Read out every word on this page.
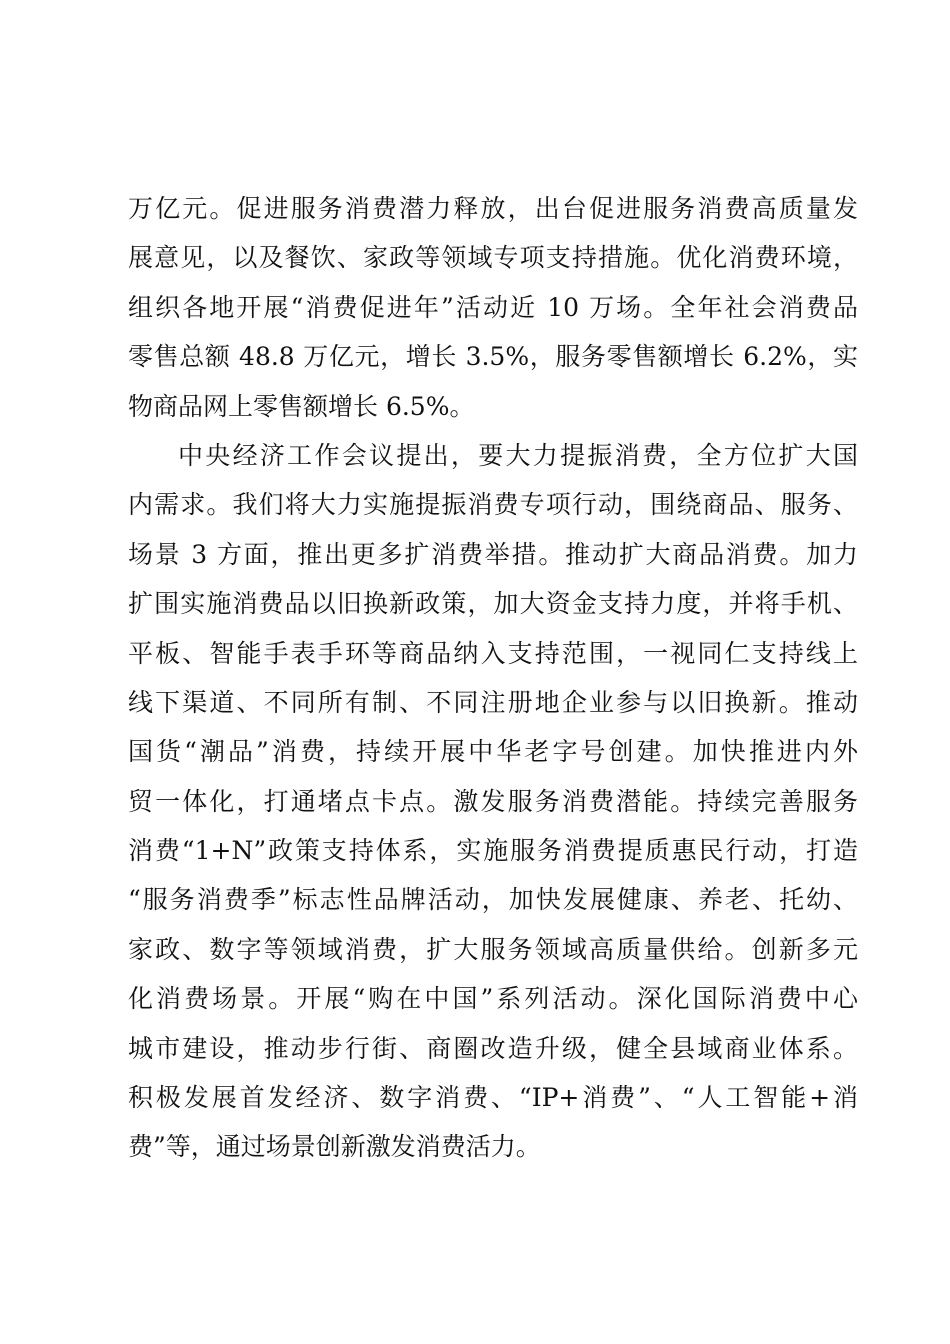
万亿元。促进服务消费潜力释放，出台促进服务消费高质量发
展意见，以及餐饮、家政等领域专项支持措施。优化消费环境，
组织各地开展“消费促进年”活动近 10 万场。全年社会消费品
零售总额 48.8 万亿元，增长 3.5%，服务零售额增长 6.2%，实
物商品网上零售额增长 6.5%。
中央经济工作会议提出，要大力提振消费，全方位扩大国
内需求。我们将大力实施提振消费专项行动，围绕商品、服务、
场景 3 方面，推出更多扩消费举措。推动扩大商品消费。加力
扩围实施消费品以旧换新政策，加大资金支持力度，并将手机、
平板、智能手表手环等商品纳入支持范围，一视同仁支持线上
线下渠道、不同所有制、不同注册地企业参与以旧换新。推动
国货“潮品”消费，持续开展中华老字号创建。加快推进内外
贸一体化，打通堵点卡点。激发服务消费潜能。持续完善服务
消费“1+N”政策支持体系，实施服务消费提质惠民行动，打造
“服务消费季”标志性品牌活动，加快发展健康、养老、托幼、
家政、数字等领域消费，扩大服务领域高质量供给。创新多元
化消费场景。开展“购在中国”系列活动。深化国际消费中心
城市建设，推动步行街、商圈改造升级，健全县域商业体系。
积极发展首发经济、数字消费、“IP+消费”、“人工智能+消
费”等，通过场景创新激发消费活力。
